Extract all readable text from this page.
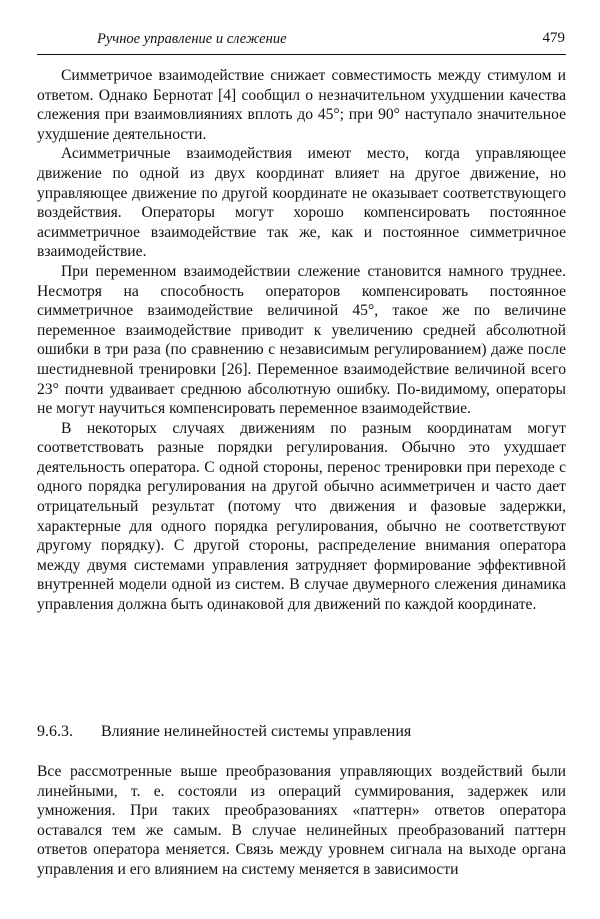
Ручное управление и слежение	479

Симметричое взаимодействие снижает совместимость между стимулом и ответом. Однако Бернотат [4] сообщил о незначительном ухудшении качества слежения при взаимовлияниях вплоть до 45°; при 90° наступало значительное ухудшение деятельности.

Асимметричные взаимодействия имеют место, когда управляющее движение по одной из двух координат влияет на другое движение, но управляющее движение по другой координате не оказывает соответствующего воздействия. Операторы могут хорошо компенсировать постоянное асимметричное взаимодействие так же, как и постоянное симметричное взаимодействие.

При переменном взаимодействии слежение становится намного труднее. Несмотря на способность операторов компенсировать постоянное симметричное взаимодействие величиной 45°, такое же по величине переменное взаимодействие приводит к увеличению средней абсолютной ошибки в три раза (по сравнению с независимым регулированием) даже после шестидневной тренировки [26]. Переменное взаимодействие величиной всего 23° почти удваивает среднюю абсолютную ошибку. По-видимому, операторы не могут научиться компенсировать переменное взаимодействие.

В некоторых случаях движениям по разным координатам могут соответствовать разные порядки регулирования. Обычно это ухудшает деятельность оператора. С одной стороны, перенос тренировки при переходе с одного порядка регулирования на другой обычно асимметричен и часто дает отрицательный результат (потому что движения и фазовые задержки, характерные для одного порядка регулирования, обычно не соответствуют другому порядку). С другой стороны, распределение внимания оператора между двумя системами управления затрудняет формирование эффективной внутренней модели одной из систем. В случае двумерного слежения динамика управления должна быть одинаковой для движений по каждой координате.

9.6.3. Влияние нелинейностей системы управления

Все рассмотренные выше преобразования управляющих воздействий были линейными, т. е. состояли из операций суммирования, задержек или умножения. При таких преобразованиях «паттерн» ответов оператора оставался тем же самым. В случае нелинейных преобразований паттерн ответов оператора меняется. Связь между уровнем сигнала на выходе органа управления и его влиянием на систему меняется в зависимости
